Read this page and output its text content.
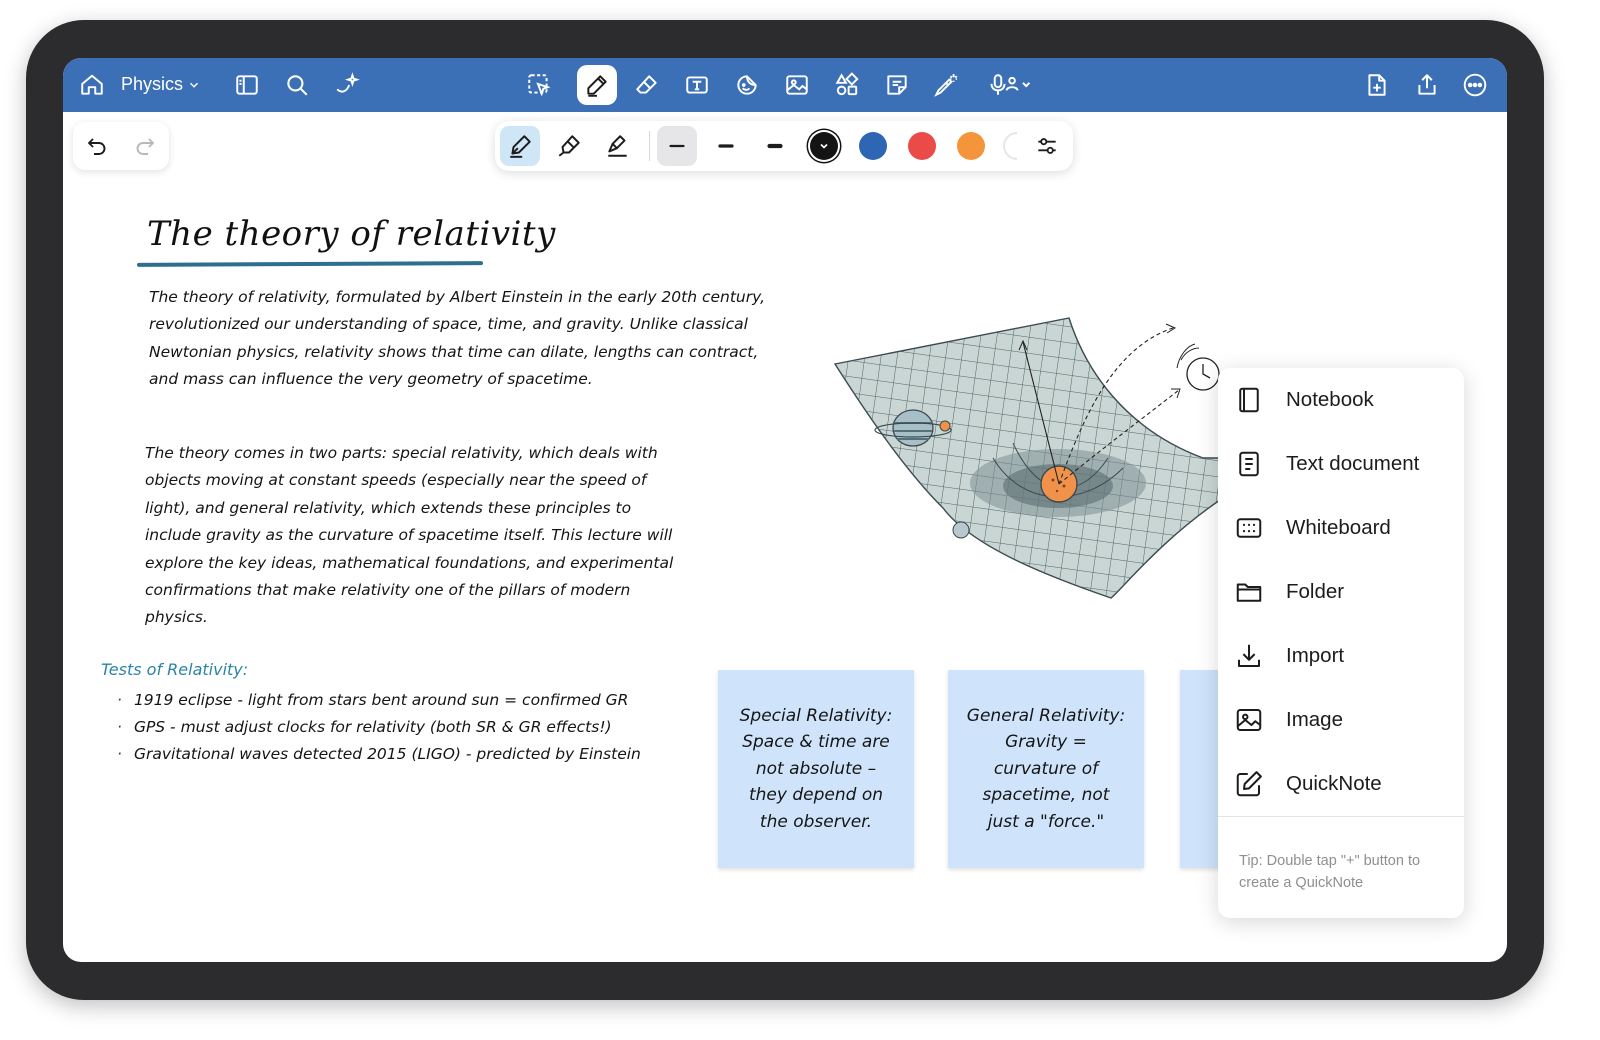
Physics
The theory of relativity
The theory of relativity, formulated by Albert Einstein in the early 20th century, revolutionized our understanding of space, time, and gravity. Unlike classical Newtonian physics, relativity shows that time can dilate, lengths can contract, and mass can influence the very geometry of spacetime.
The theory comes in two parts: special relativity, which deals with objects moving at constant speeds (especially near the speed of light), and general relativity, which extends these principles to include gravity as the curvature of spacetime itself. This lecture will explore the key ideas, mathematical foundations, and experimental confirmations that make relativity one of the pillars of modern physics.
Tests of Relativity:
· 1919 eclipse - light from stars bent around sun = confirmed GR
· GPS - must adjust clocks for relativity (both SR & GR effects!)
· Gravitational waves detected 2015 (LIGO) - predicted by Einstein
Special Relativity: Space & time are not absolute – they depend on the observer.
General Relativity: Gravity = curvature of spacetime, not just a "force."
Notebook
Text document
Whiteboard
Folder
Import
Image
QuickNote
Tip: Double tap "+" button to create a QuickNote
